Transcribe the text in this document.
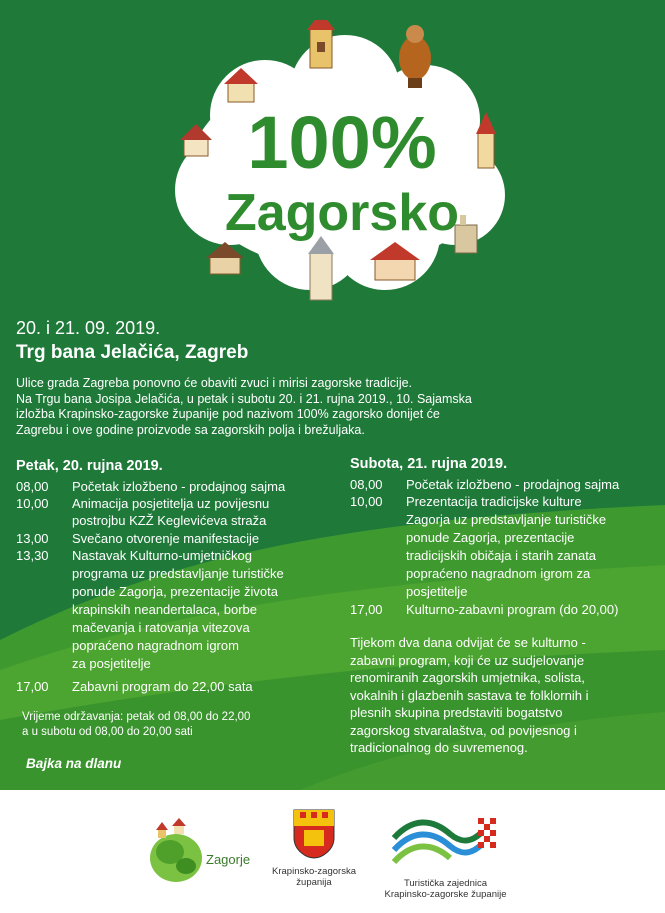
100%
Zagorsko
20. i 21. 09. 2019.
Trg bana Jelačića, Zagreb
Ulice grada Zagreba ponovno će obaviti zvuci i mirisi zagorske tradicije.
Na Trgu bana Josipa Jelačića, u petak i subotu 20. i 21. rujna 2019., 10. Sajamska
izložba Krapinsko-zagorske županije pod nazivom 100% zagorsko donijet će
Zagrebu i ove godine proizvode sa zagorskih polja i brežuljaka.
Petak, 20. rujna 2019.
08,00 Početak izložbeno - prodajnog sajma
10,00 Animacija posjetitelja uz povijesnu
postrojbu KZŽ Keglevićeva straža
13,00 Svečano otvorenje manifestacije
13,30 Nastavak Kulturno-umjetničkog
programa uz predstavljanje turističke
ponude Zagorja, prezentacije života
krapinskih neandertalaca, borbe
mačevanja i ratovanja vitezova
popraćeno nagradnom igrom
za posjetitelje
17,00 Zabavni program do 22,00 sata
Vrijeme održavanja: petak od 08,00 do 22,00
a u subotu od 08,00 do 20,00 sati
Bajka na dlanu
Subota, 21. rujna 2019.
08,00 Početak izložbeno - prodajnog sajma
10,00 Prezentacija tradicijske kulture
Zagorja uz predstavljanje turističke
ponude Zagorja, prezentacije
tradicijskih običaja i starih zanata
popraćeno nagradnom igrom za
posjetitelje
17,00 Kulturno-zabavni program (do 20,00)
Tijekom dva dana odvijat će se kulturno -
zabavni program, koji će uz sudjelovanje
renomiranih zagorskih umjetnika, solista,
vokalnih i glazbenih sastava te folklornih i
plesnih skupina predstaviti bogatstvo
zagorskog stvaralaštva, od povijesnog i
tradicionalnog do suvremenog.
Zagorje
Krapinsko-zagorska
županija	Turistička zajednica
Krapinsko-zagorske županije
